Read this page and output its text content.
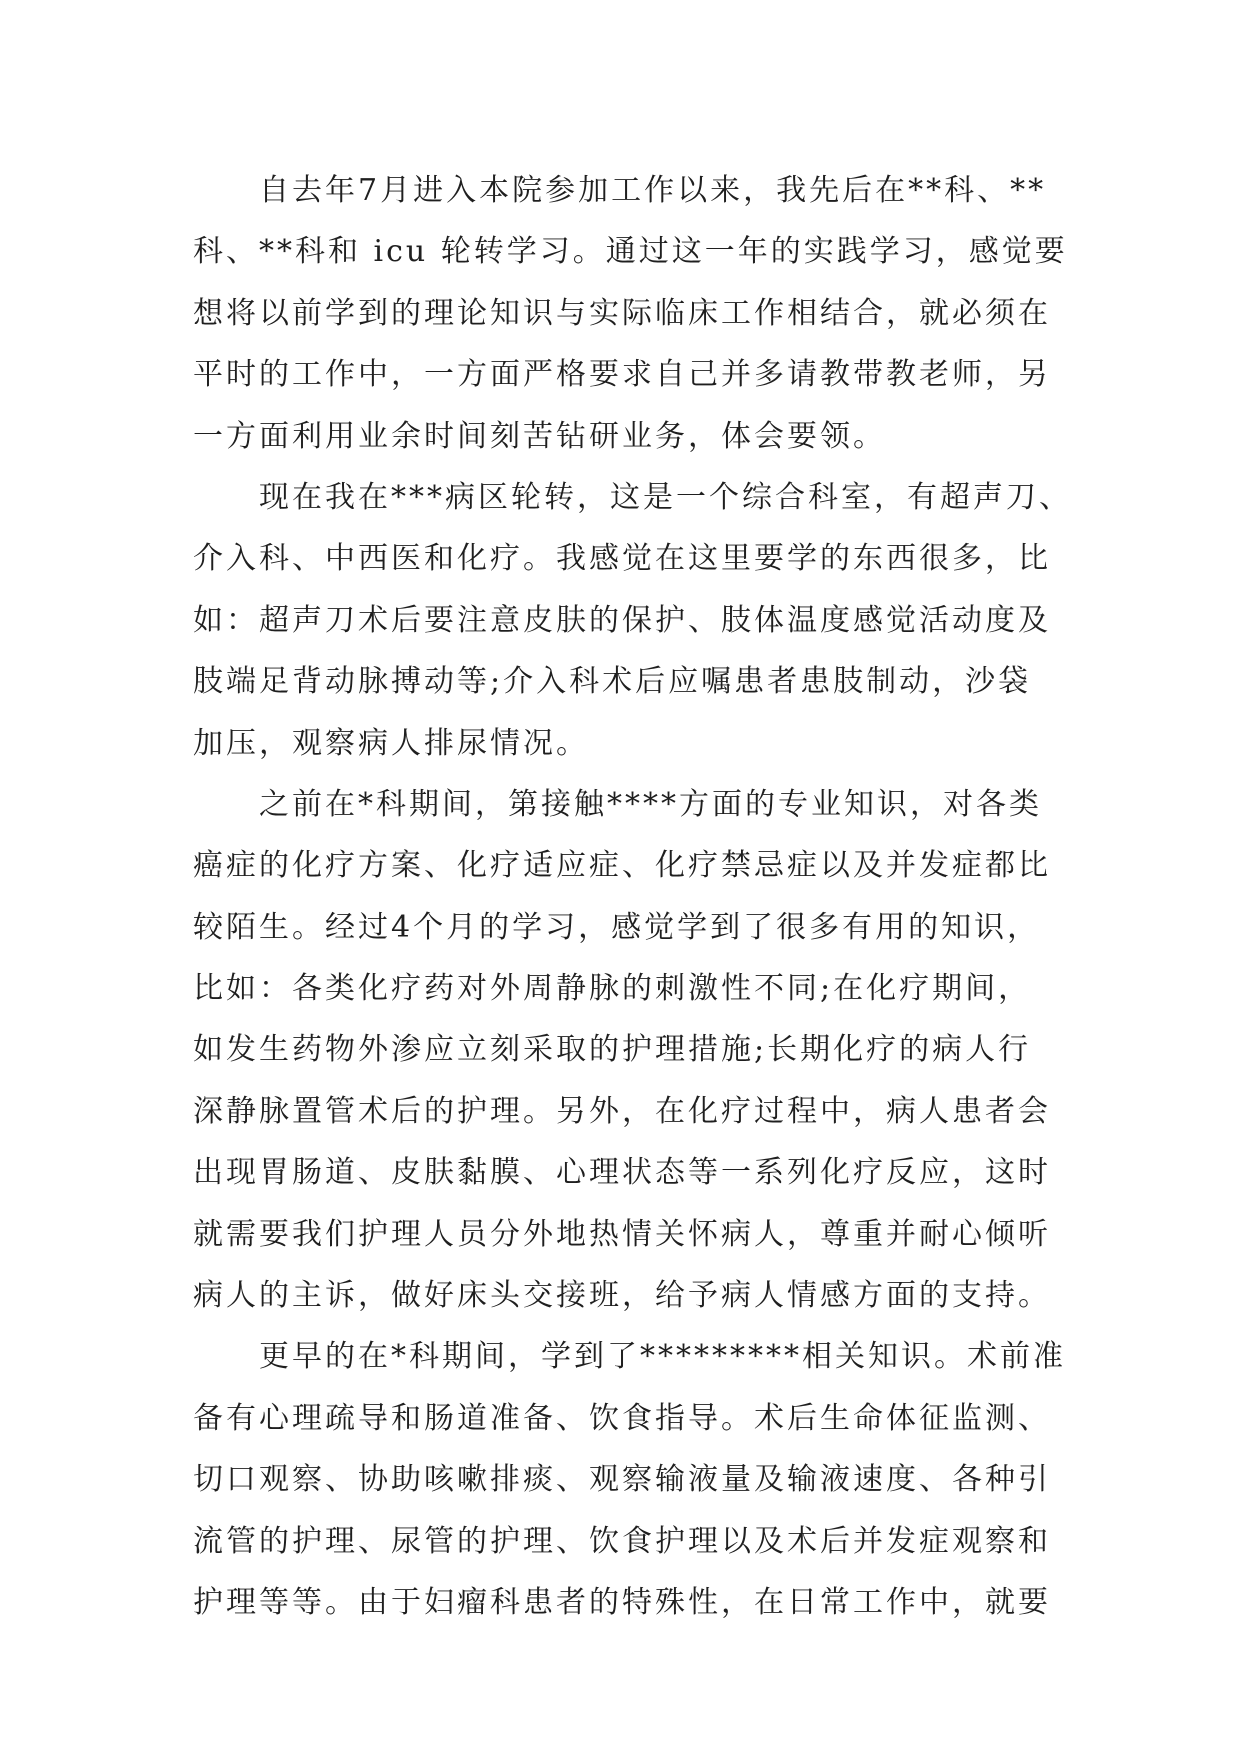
自去年7月进入本院参加工作以来，我先后在**科、**
科、**科和 icu 轮转学习。通过这一年的实践学习，感觉要
想将以前学到的理论知识与实际临床工作相结合，就必须在
平时的工作中，一方面严格要求自己并多请教带教老师，另
一方面利用业余时间刻苦钻研业务，体会要领。
现在我在***病区轮转，这是一个综合科室，有超声刀、
介入科、中西医和化疗。我感觉在这里要学的东西很多，比
如：超声刀术后要注意皮肤的保护、肢体温度感觉活动度及
肢端足背动脉搏动等;介入科术后应嘱患者患肢制动，沙袋
加压，观察病人排尿情况。
之前在*科期间，第接触****方面的专业知识，对各类
癌症的化疗方案、化疗适应症、化疗禁忌症以及并发症都比
较陌生。经过4个月的学习，感觉学到了很多有用的知识，
比如：各类化疗药对外周静脉的刺激性不同;在化疗期间，
如发生药物外渗应立刻采取的护理措施;长期化疗的病人行
深静脉置管术后的护理。另外，在化疗过程中，病人患者会
出现胃肠道、皮肤黏膜、心理状态等一系列化疗反应，这时
就需要我们护理人员分外地热情关怀病人，尊重并耐心倾听
病人的主诉，做好床头交接班，给予病人情感方面的支持。
更早的在*科期间，学到了*********相关知识。术前准
备有心理疏导和肠道准备、饮食指导。术后生命体征监测、
切口观察、协助咳嗽排痰、观察输液量及输液速度、各种引
流管的护理、尿管的护理、饮食护理以及术后并发症观察和
护理等等。由于妇瘤科患者的特殊性，在日常工作中，就要
